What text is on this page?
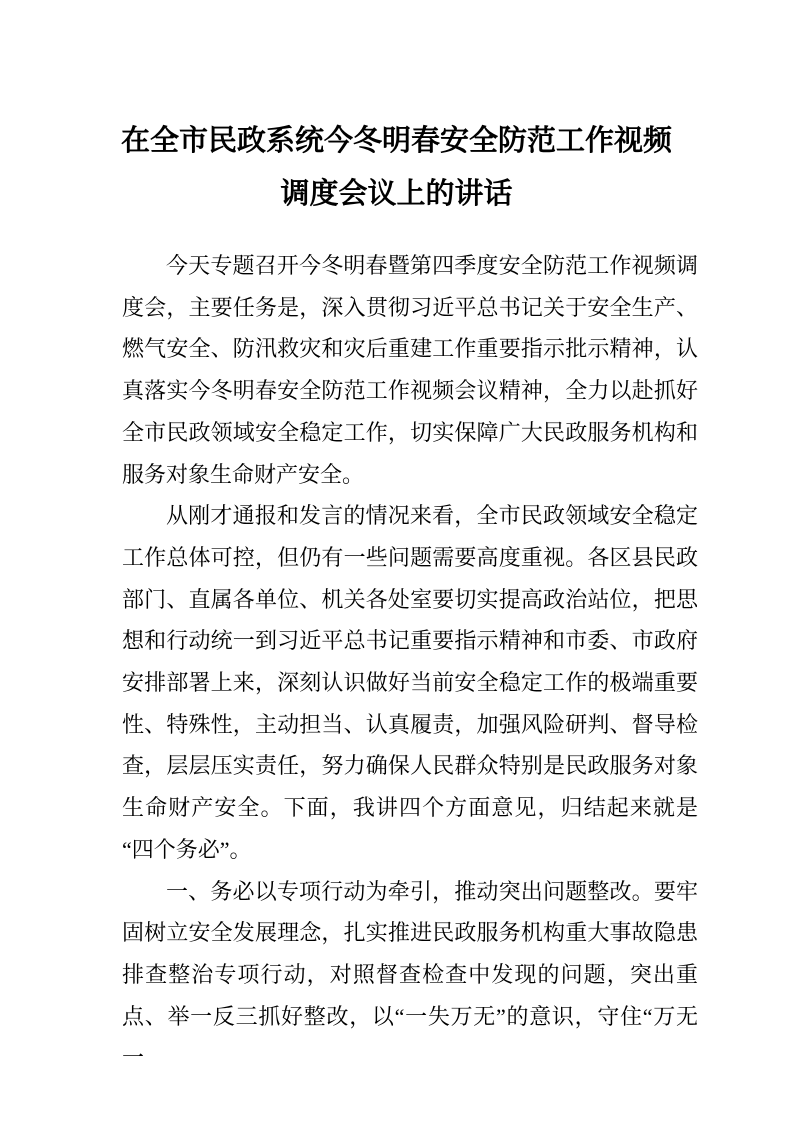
在全市民政系统今冬明春安全防范工作视频调度会议上的讲话

今天专题召开今冬明春暨第四季度安全防范工作视频调度会，主要任务是，深入贯彻习近平总书记关于安全生产、燃气安全、防汛救灾和灾后重建工作重要指示批示精神，认真落实今冬明春安全防范工作视频会议精神，全力以赴抓好全市民政领域安全稳定工作，切实保障广大民政服务机构和服务对象生命财产安全。

从刚才通报和发言的情况来看，全市民政领域安全稳定工作总体可控，但仍有一些问题需要高度重视。各区县民政部门、直属各单位、机关各处室要切实提高政治站位，把思想和行动统一到习近平总书记重要指示精神和市委、市政府安排部署上来，深刻认识做好当前安全稳定工作的极端重要性、特殊性，主动担当、认真履责，加强风险研判、督导检查，层层压实责任，努力确保人民群众特别是民政服务对象生命财产安全。下面，我讲四个方面意见，归结起来就是“四个务必”。

一、务必以专项行动为牵引，推动突出问题整改。要牢固树立安全发展理念，扎实推进民政服务机构重大事故隐患排查整治专项行动，对照督查检查中发现的问题，突出重点、举一反三抓好整改，以“一失万无”的意识，守住“万无一
